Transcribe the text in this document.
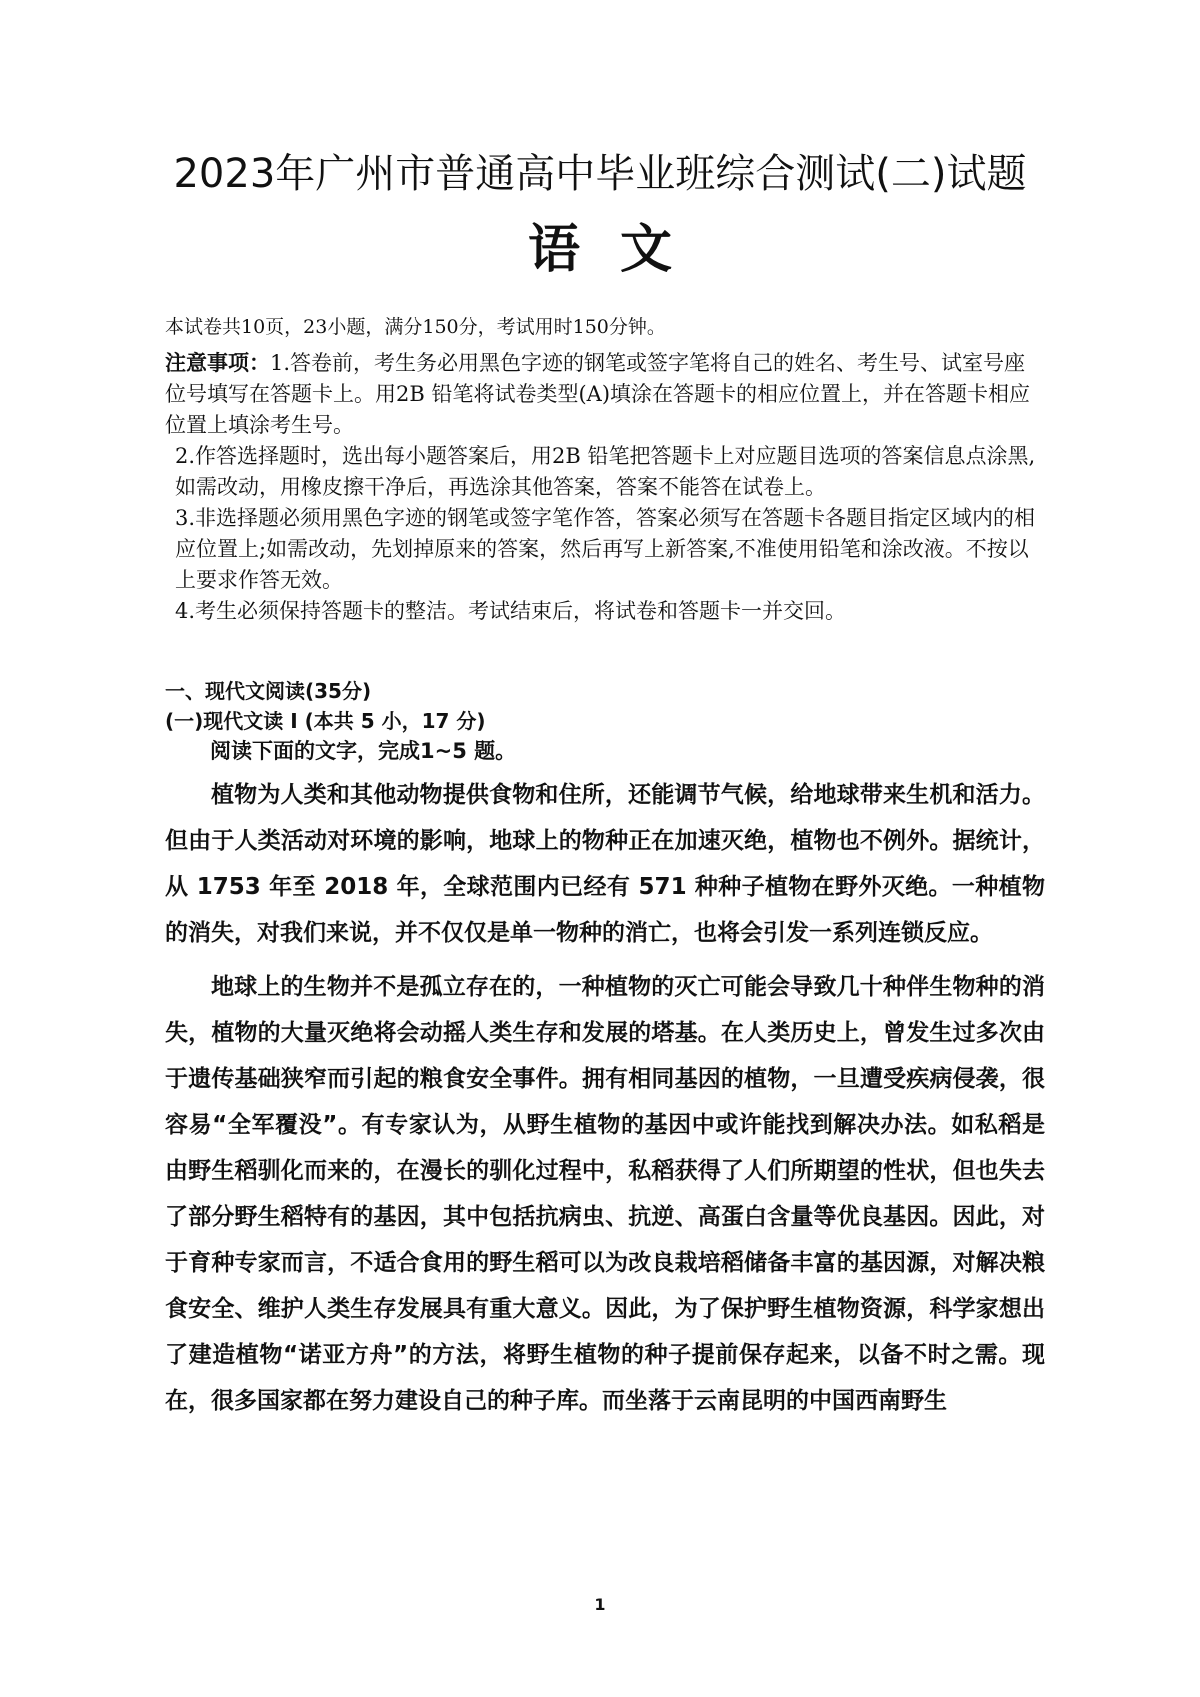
2023年广州市普通高中毕业班综合测试(二)试题
语文
本试卷共10页，23小题，满分150分，考试用时150分钟。

注意事项：1.答卷前，考生务必用黑色字迹的钢笔或签字笔将自己的姓名、考生号、试室号座位号填写在答题卡上。用2B 铅笔将试卷类型(A)填涂在答题卡的相应位置上，并在答题卡相应位置上填涂考生号。

2.作答选择题时，选出每小题答案后，用2B 铅笔把答题卡上对应题目选项的答案信息点涂黑,如需改动，用橡皮擦干净后，再选涂其他答案，答案不能答在试卷上。

3.非选择题必须用黑色字迹的钢笔或签字笔作答，答案必须写在答题卡各题目指定区域内的相应位置上;如需改动，先划掉原来的答案，然后再写上新答案,不准使用铅笔和涂改液。不按以上要求作答无效。

4.考生必须保持答题卡的整洁。考试结束后，将试卷和答题卡一并交回。

一、现代文阅读(35分)
(一)现代文读 I (本共 5 小，17 分)
阅读下面的文字，完成1~5 题。

植物为人类和其他动物提供食物和住所，还能调节气候，给地球带来生机和活力。但由于人类活动对环境的影响，地球上的物种正在加速灭绝，植物也不例外。据统计，从 1753 年至 2018 年，全球范围内已经有 571 种种子植物在野外灭绝。一种植物的消失，对我们来说，并不仅仅是单一物种的消亡，也将会引发一系列连锁反应。

地球上的生物并不是孤立存在的，一种植物的灭亡可能会导致几十种伴生物种的消失，植物的大量灭绝将会动摇人类生存和发展的塔基。在人类历史上，曾发生过多次由于遗传基础狭窄而引起的粮食安全事件。拥有相同基因的植物，一旦遭受疾病侵袭，很容易“全军覆没”。有专家认为，从野生植物的基因中或许能找到解决办法。如私稻是由野生稻驯化而来的，在漫长的驯化过程中，私稻获得了人们所期望的性状，但也失去了部分野生稻特有的基因，其中包括抗病虫、抗逆、高蛋白含量等优良基因。因此，对于育种专家而言，不适合食用的野生稻可以为改良栽培稻储备丰富的基因源，对解决粮食安全、维护人类生存发展具有重大意义。因此，为了保护野生植物资源，科学家想出了建造植物“诺亚方舟”的方法，将野生植物的种子提前保存起来，以备不时之需。现在，很多国家都在努力建设自己的种子库。而坐落于云南昆明的中国西南野生

1
